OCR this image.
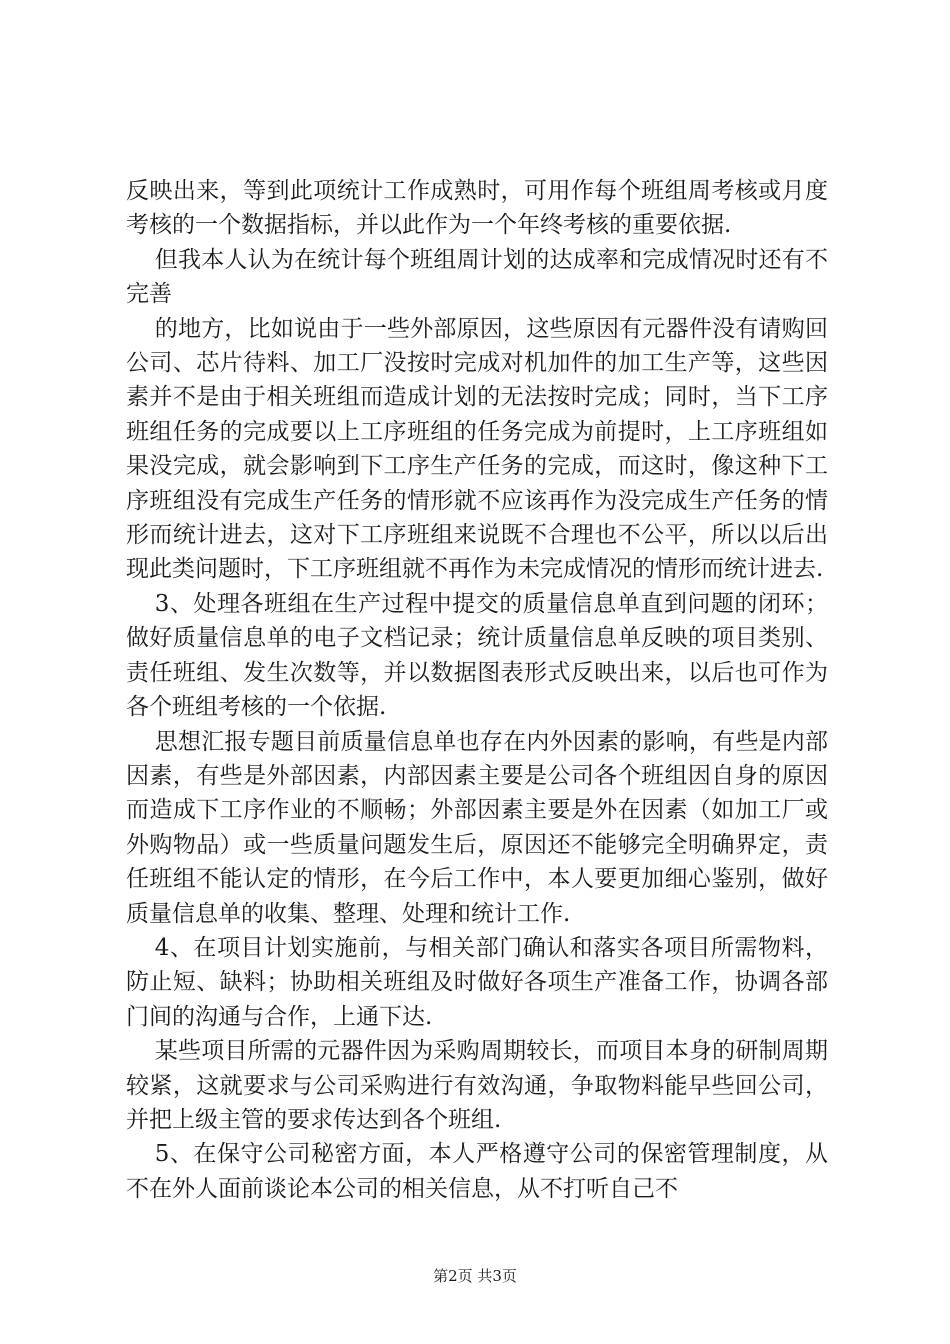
反映出来，等到此项统计工作成熟时，可用作每个班组周考核或月度考核的一个数据指标，并以此作为一个年终考核的重要依据.

但我本人认为在统计每个班组周计划的达成率和完成情况时还有不完善

的地方，比如说由于一些外部原因，这些原因有元器件没有请购回公司、芯片待料、加工厂没按时完成对机加件的加工生产等，这些因素并不是由于相关班组而造成计划的无法按时完成；同时，当下工序班组任务的完成要以上工序班组的任务完成为前提时，上工序班组如果没完成，就会影响到下工序生产任务的完成，而这时，像这种下工序班组没有完成生产任务的情形就不应该再作为没完成生产任务的情形而统计进去，这对下工序班组来说既不合理也不公平，所以以后出现此类问题时，下工序班组就不再作为未完成情况的情形而统计进去.

3、处理各班组在生产过程中提交的质量信息单直到问题的闭环；做好质量信息单的电子文档记录；统计质量信息单反映的项目类别、责任班组、发生次数等，并以数据图表形式反映出来，以后也可作为各个班组考核的一个依据.

思想汇报专题目前质量信息单也存在内外因素的影响，有些是内部因素，有些是外部因素，内部因素主要是公司各个班组因自身的原因而造成下工序作业的不顺畅；外部因素主要是外在因素（如加工厂或外购物品）或一些质量问题发生后，原因还不能够完全明确界定，责任班组不能认定的情形，在今后工作中，本人要更加细心鉴别，做好质量信息单的收集、整理、处理和统计工作.

4、在项目计划实施前，与相关部门确认和落实各项目所需物料，防止短、缺料；协助相关班组及时做好各项生产准备工作，协调各部门间的沟通与合作，上通下达.

某些项目所需的元器件因为采购周期较长，而项目本身的研制周期较紧，这就要求与公司采购进行有效沟通，争取物料能早些回公司，并把上级主管的要求传达到各个班组.

5、在保守公司秘密方面，本人严格遵守公司的保密管理制度，从不在外人面前谈论本公司的相关信息，从不打听自己不

第2页 共3页
